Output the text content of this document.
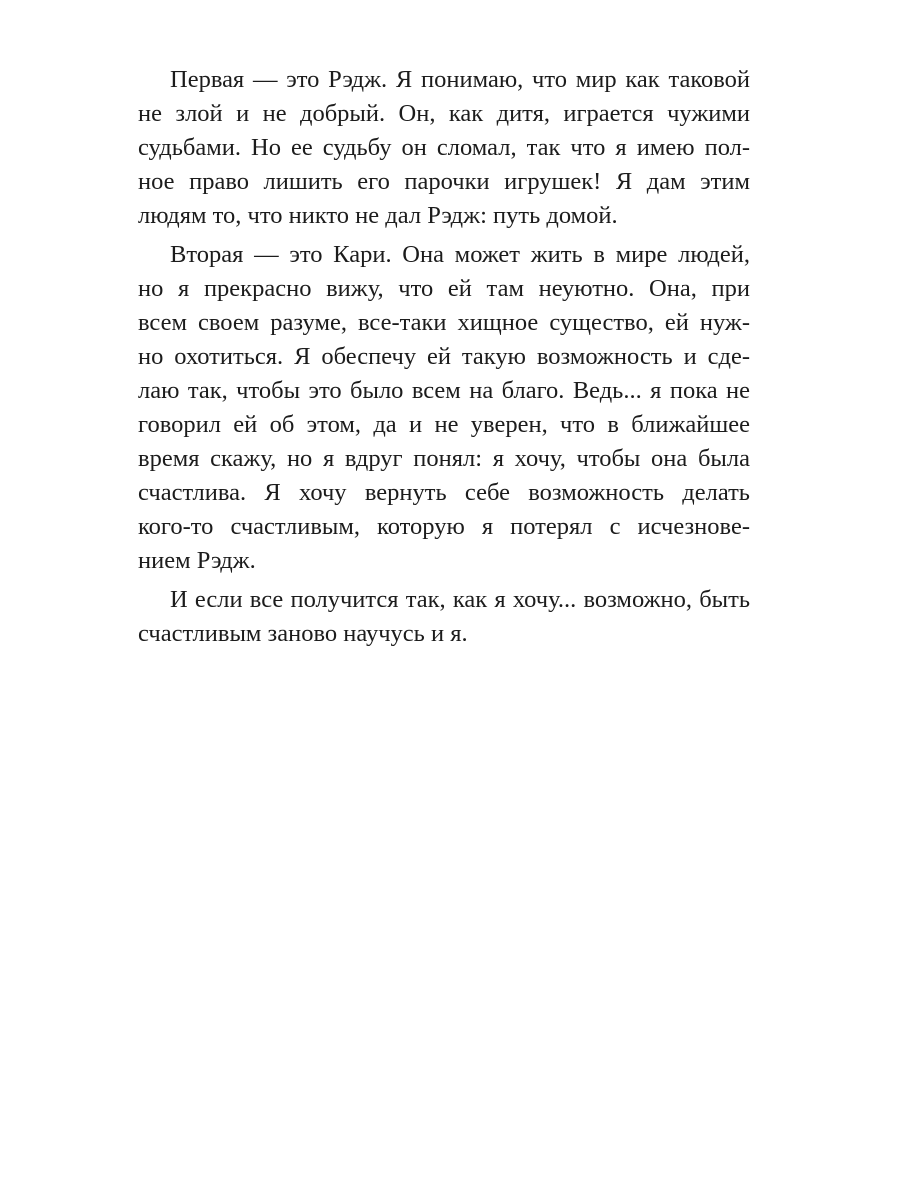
Первая — это Рэдж. Я понимаю, что мир как таковой
не злой и не добрый. Он, как дитя, играется чужими
судьбами. Но ее судьбу он сломал, так что я имею пол-
ное право лишить его парочки игрушек! Я дам этим
людям то, что никто не дал Рэдж: путь домой.

Вторая — это Кари. Она может жить в мире людей,
но я прекрасно вижу, что ей там неуютно. Она, при
всем своем разуме, все-таки хищное существо, ей нуж-
но охотиться. Я обеспечу ей такую возможность и сде-
лаю так, чтобы это было всем на благо. Ведь... я пока не
говорил ей об этом, да и не уверен, что в ближайшее
время скажу, но я вдруг понял: я хочу, чтобы она была
счастлива. Я хочу вернуть себе возможность делать
кого-то счастливым, которую я потерял с исчезнове-
нием Рэдж.

И если все получится так, как я хочу... возможно, быть
счастливым заново научусь и я.
